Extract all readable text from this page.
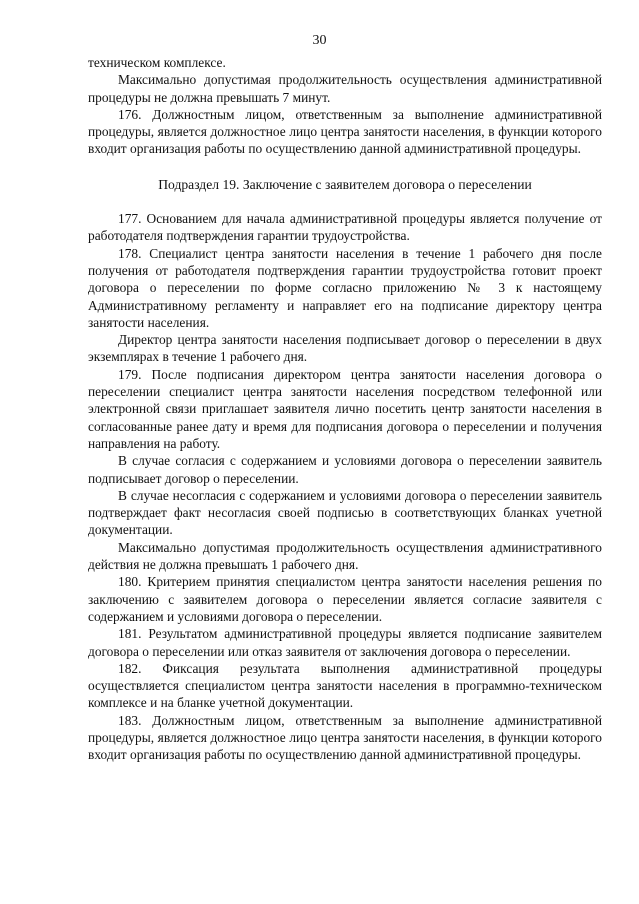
30

техническом комплексе.

Максимально допустимая продолжительность осуществления административной процедуры не должна превышать 7 минут.

176. Должностным лицом, ответственным за выполнение административной процедуры, является должностное лицо центра занятости населения, в функции которого входит организация работы по осуществлению данной административной процедуры.

Подраздел 19. Заключение с заявителем договора о переселении

177. Основанием для начала административной процедуры является получение от работодателя подтверждения гарантии трудоустройства.

178. Специалист центра занятости населения в течение 1 рабочего дня после получения от работодателя подтверждения гарантии трудоустройства готовит проект договора о переселении по форме согласно приложению № 3 к настоящему Административному регламенту и направляет его на подписание директору центра занятости населения.

Директор центра занятости населения подписывает договор о переселении в двух экземплярах в течение 1 рабочего дня.

179. После подписания директором центра занятости населения договора о переселении специалист центра занятости населения посредством телефонной или электронной связи приглашает заявителя лично посетить центр занятости населения в согласованные ранее дату и время для подписания договора о переселении и получения направления на работу.

В случае согласия с содержанием и условиями договора о переселении заявитель подписывает договор о переселении.

В случае несогласия с содержанием и условиями договора о переселении заявитель подтверждает факт несогласия своей подписью в соответствующих бланках учетной документации.

Максимально допустимая продолжительность осуществления административного действия не должна превышать 1 рабочего дня.

180. Критерием принятия специалистом центра занятости населения решения по заключению с заявителем договора о переселении является согласие заявителя с содержанием и условиями договора о переселении.

181. Результатом административной процедуры является подписание заявителем договора о переселении или отказ заявителя от заключения договора о переселении.

182. Фиксация результата выполнения административной процедуры осуществляется специалистом центра занятости населения в программно-техническом комплексе и на бланке учетной документации.

183. Должностным лицом, ответственным за выполнение административной процедуры, является должностное лицо центра занятости населения, в функции которого входит организация работы по осуществлению данной административной процедуры.
